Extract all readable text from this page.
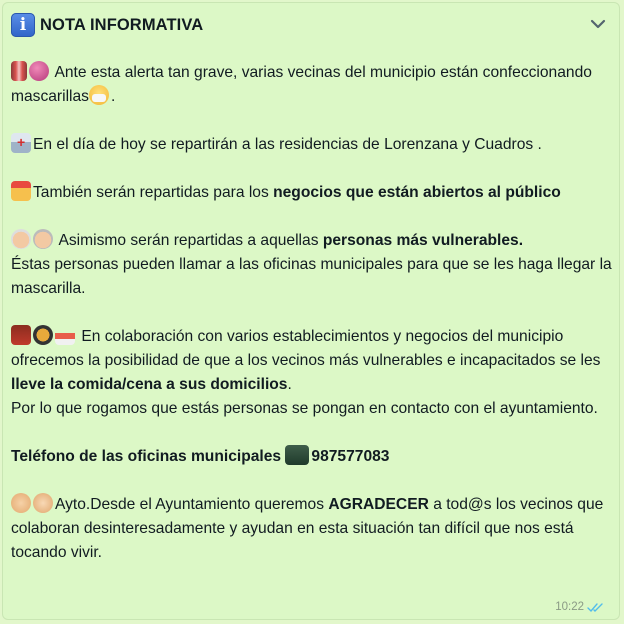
i NOTA INFORMATIVA
Ante esta alerta tan grave, varias vecinas del municipio están confeccionando mascarillas .
+En el día de hoy se repartirán a las residencias de Lorenzana y Cuadros .
También serán repartidas para los negocios que están abiertos al público
Asimismo serán repartidas a aquellas personas más vulnerables.
Éstas personas pueden llamar a las oficinas municipales para que se les haga llegar la mascarilla.
En colaboración con varios establecimientos y negocios del municipio ofrecemos la posibilidad de que a los vecinos más vulnerables e incapacitados se les lleve la comida/cena a sus domicilios.
Por lo que rogamos que estás personas se pongan en contacto con el ayuntamiento.
Teléfono de las oficinas municipales 987577083
Ayto.Desde el Ayuntamiento queremos AGRADECER a tod@s los vecinos que colaboran desinteresadamente y ayudan en esta situación tan difícil que nos está tocando vivir.
10:22
